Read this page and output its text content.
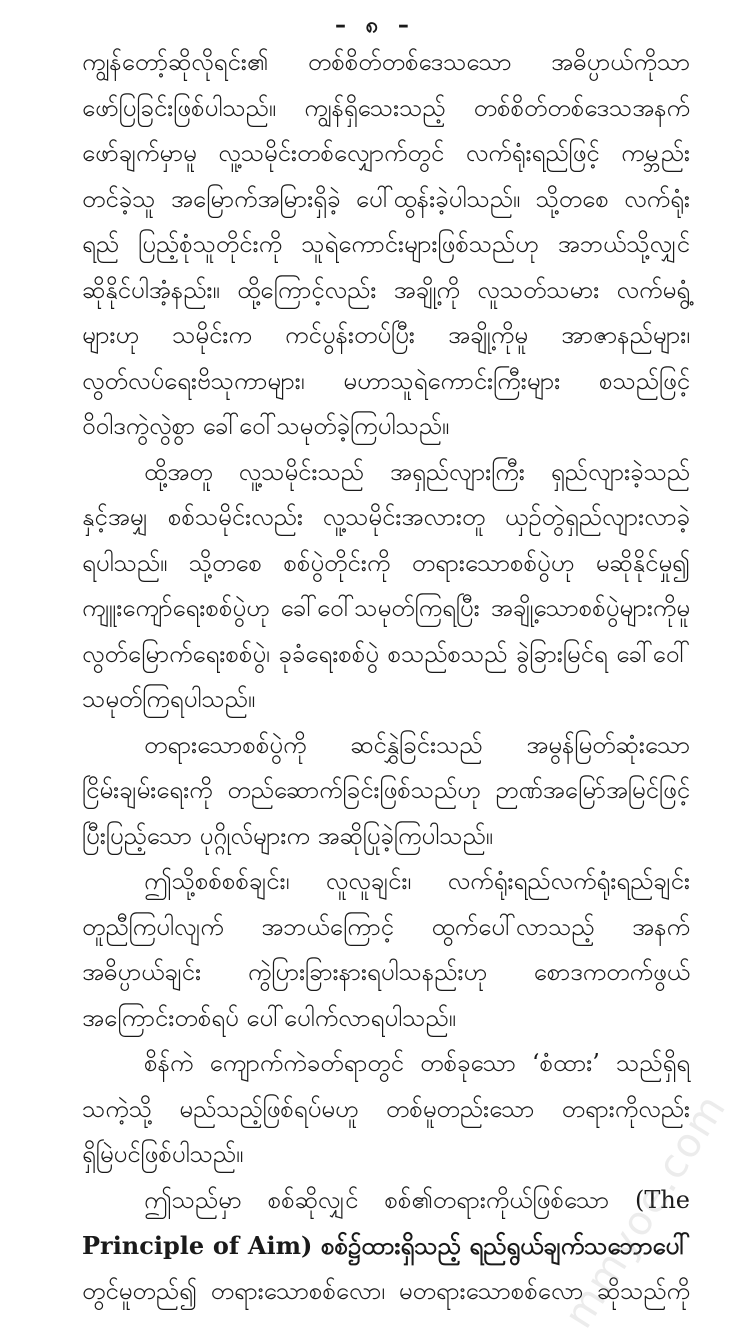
– ၈ –
ကျွန်တော့်ဆိုလိုရင်း၏ တစ်စိတ်တစ်ဒေသသော အဓိပ္ပာယ်ကိုသာ
ဖော်ပြခြင်းဖြစ်ပါသည်။ ကျွန်ရှိသေးသည့် တစ်စိတ်တစ်ဒေသအနက်
ဖော်ချက်မှာမူ လူ့သမိုင်းတစ်လျှောက်တွင် လက်ရုံးရည်ဖြင့် ကမ္ဘည်း
တင်ခဲ့သူ အမြောက်အမြားရှိခဲ့ ပေါ်ထွန်းခဲ့ပါသည်။ သို့တစေ လက်ရုံး
ရည် ပြည့်စုံသူတိုင်းကို သူရဲကောင်းများဖြစ်သည်ဟု အဘယ်သို့လျှင်
ဆိုနိုင်ပါအံ့နည်း။ ထို့ကြောင့်လည်း အချို့ကို လူသတ်သမား လက်မရွံ့
များဟု သမိုင်းက ကင်ပွန်းတပ်ပြီး အချို့ကိုမူ အာဇာနည်များ၊
လွတ်လပ်ရေးဗိသုကာများ၊ မဟာသူရဲကောင်းကြီးများ စသည်ဖြင့်
ဝိဝါဒကွဲလွဲစွာ ခေါ်ဝေါ်သမုတ်ခဲ့ကြပါသည်။
ထို့အတူ လူ့သမိုင်းသည် အရှည်လျားကြီး ရှည်လျားခဲ့သည်
နှင့်အမျှ စစ်သမိုင်းလည်း လူ့သမိုင်းအလားတူ ယှဉ်တွဲရှည်လျားလာခဲ့
ရပါသည်။ သို့တစေ စစ်ပွဲတိုင်းကို တရားသောစစ်ပွဲဟု မဆိုနိုင်မှု၍
ကျူးကျော်ရေးစစ်ပွဲဟု ခေါ်ဝေါ်သမုတ်ကြရပြီး အချို့သောစစ်ပွဲများကိုမူ
လွတ်မြောက်ရေးစစ်ပွဲ၊ ခုခံရေးစစ်ပွဲ စသည်စသည် ခွဲခြားမြင်ရ ခေါ်ဝေါ်
သမုတ်ကြရပါသည်။
တရားသောစစ်ပွဲကို ဆင်နွှဲခြင်းသည် အမွန်မြတ်ဆုံးသော
ငြိမ်းချမ်းရေးကို တည်ဆောက်ခြင်းဖြစ်သည်ဟု ဉာဏ်အမြော်အမြင်ဖြင့်
ပြီးပြည့်သော ပုဂ္ဂိုလ်များက အဆိုပြုခဲ့ကြပါသည်။
ဤသို့စစ်စစ်ချင်း၊ လူလူချင်း၊ လက်ရုံးရည်လက်ရုံးရည်ချင်း
တူညီကြပါလျက် အဘယ်ကြောင့် ထွက်ပေါ်လာသည့် အနက်
အဓိပ္ပာယ်ချင်း ကွဲပြားခြားနားရပါသနည်းဟု စောဒကတက်ဖွယ်
အကြောင်းတစ်ရပ် ပေါ်ပေါက်လာရပါသည်။
စိန်ကဲ ကျောက်ကဲခတ်ရာတွင် တစ်ခုသော ‘စံထား’ သည်ရှိရ
သကဲ့သို့ မည်သည့်ဖြစ်ရပ်မဟူ တစ်မူတည်းသော တရားကိုလည်း
ရှိမြဲပင်ဖြစ်ပါသည်။
ဤသည်မှာ စစ်ဆိုလျှင် စစ်၏တရားကိုယ်ဖြစ်သော (The
Principle of Aim) စစ်၌ထားရှိသည့် ရည်ရွယ်ချက်သဘောပေါ်
တွင်မူတည်၍ တရားသောစစ်လော၊ မတရားသောစစ်လော ဆိုသည်ကို
mmyoe.com
